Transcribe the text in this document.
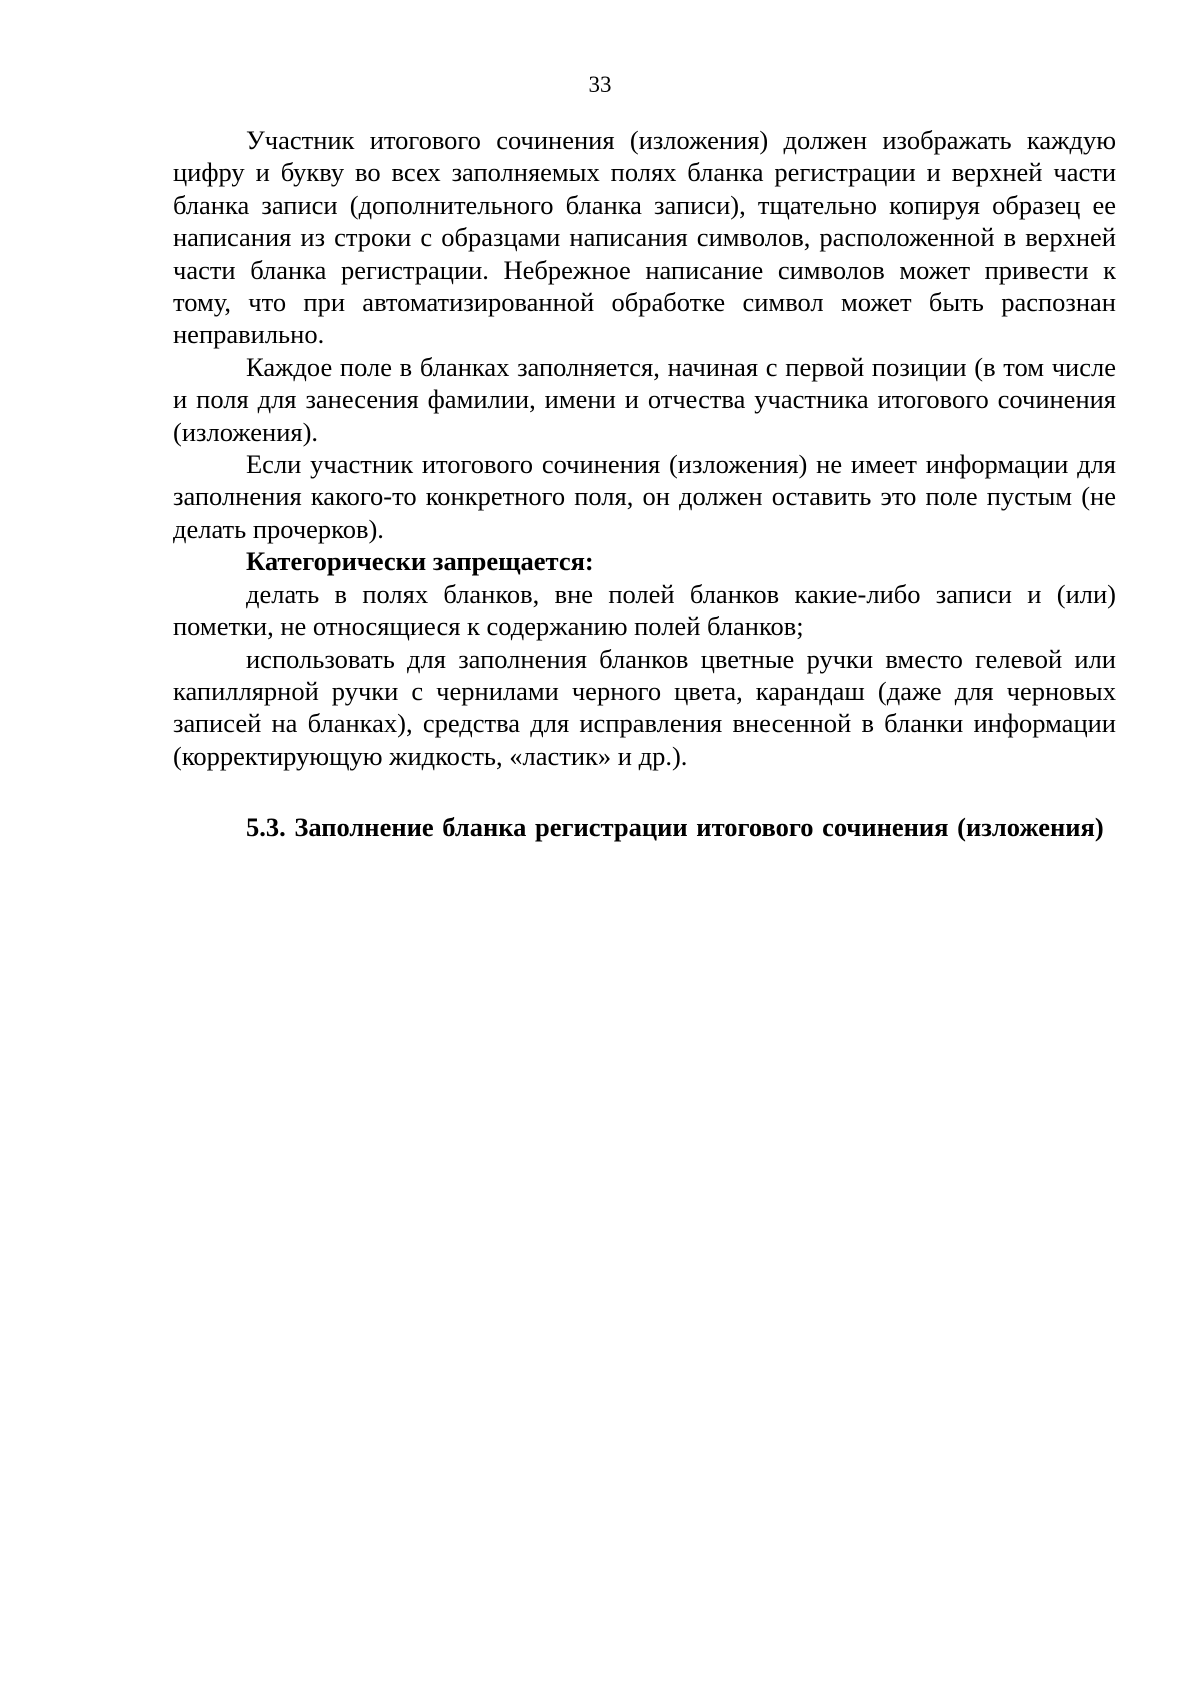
33

Участник итогового сочинения (изложения) должен изображать каждую цифру и букву во всех заполняемых полях бланка регистрации и верхней части бланка записи (дополнительного бланка записи), тщательно копируя образец ее написания из строки с образцами написания символов, расположенной в верхней части бланка регистрации. Небрежное написание символов может привести к тому, что при автоматизированной обработке символ может быть распознан неправильно.

Каждое поле в бланках заполняется, начиная с первой позиции (в том числе и поля для занесения фамилии, имени и отчества участника итогового сочинения (изложения).

Если участник итогового сочинения (изложения) не имеет информации для заполнения какого-то конкретного поля, он должен оставить это поле пустым (не делать прочерков).

Категорически запрещается:

делать в полях бланков, вне полей бланков какие-либо записи и (или) пометки, не относящиеся к содержанию полей бланков;

использовать для заполнения бланков цветные ручки вместо гелевой или капиллярной ручки с чернилами черного цвета, карандаш (даже для черновых записей на бланках), средства для исправления внесенной в бланки информации (корректирующую жидкость, «ластик» и др.).

5.3. Заполнение бланка регистрации итогового сочинения (изложения)
